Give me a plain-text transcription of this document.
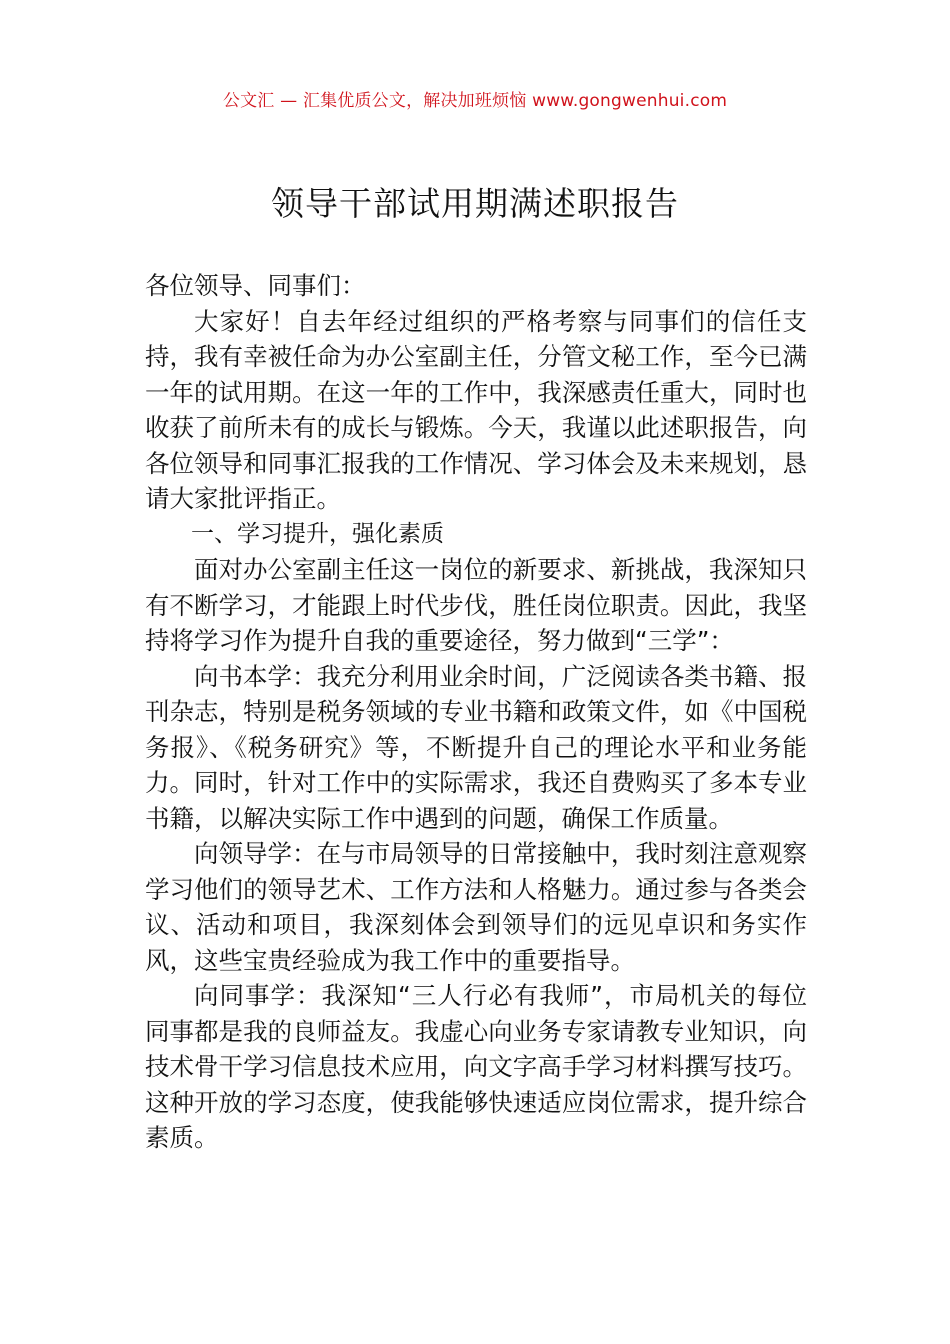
公文汇 — 汇集优质公文，解决加班烦恼 www.gongwenhui.com
领导干部试用期满述职报告

各位领导、同事们：

大家好！自去年经过组织的严格考察与同事们的信任支持，我有幸被任命为办公室副主任，分管文秘工作，至今已满一年的试用期。在这一年的工作中，我深感责任重大，同时也收获了前所未有的成长与锻炼。今天，我谨以此述职报告，向各位领导和同事汇报我的工作情况、学习体会及未来规划，恳请大家批评指正。

一、学习提升，强化素质

面对办公室副主任这一岗位的新要求、新挑战，我深知只有不断学习，才能跟上时代步伐，胜任岗位职责。因此，我坚持将学习作为提升自我的重要途径，努力做到“三学”：

向书本学：我充分利用业余时间，广泛阅读各类书籍、报刊杂志，特别是税务领域的专业书籍和政策文件，如《中国税务报》、《税务研究》等，不断提升自己的理论水平和业务能力。同时，针对工作中的实际需求，我还自费购买了多本专业书籍，以解决实际工作中遇到的问题，确保工作质量。

向领导学：在与市局领导的日常接触中，我时刻注意观察学习他们的领导艺术、工作方法和人格魅力。通过参与各类会议、活动和项目，我深刻体会到领导们的远见卓识和务实作风，这些宝贵经验成为我工作中的重要指导。

向同事学：我深知“三人行必有我师”，市局机关的每位同事都是我的良师益友。我虚心向业务专家请教专业知识，向技术骨干学习信息技术应用，向文字高手学习材料撰写技巧。这种开放的学习态度，使我能够快速适应岗位需求，提升综合素质。
